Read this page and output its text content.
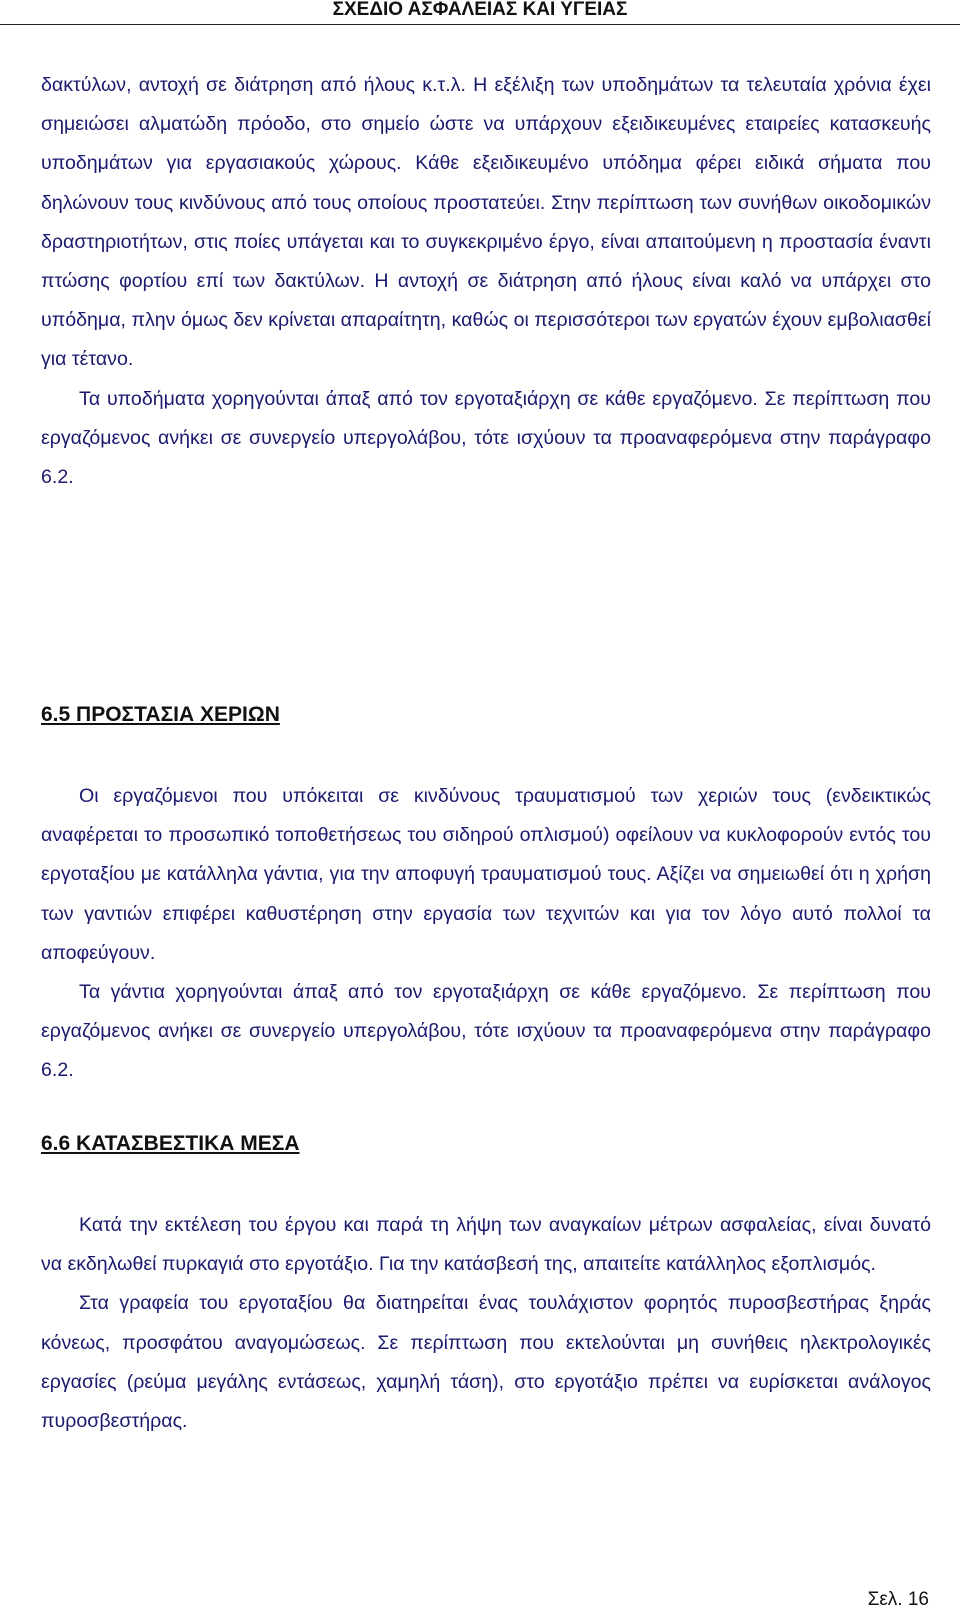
ΣΧΕΔΙΟ ΑΣΦΑΛΕΙΑΣ ΚΑΙ ΥΓΕΙΑΣ

δακτύλων, αντοχή σε διάτρηση από ήλους κ.τ.λ. Η εξέλιξη των υποδημάτων τα τελευταία χρόνια έχει σημειώσει αλματώδη πρόοδο, στο σημείο ώστε να υπάρχουν εξειδικευμένες εταιρείες κατασκευής υποδημάτων για εργασιακούς χώρους. Κάθε εξειδικευμένο υπόδημα φέρει ειδικά σήματα που δηλώνουν τους κινδύνους από τους οποίους προστατεύει. Στην περίπτωση των συνήθων οικοδομικών δραστηριοτήτων, στις ποίες υπάγεται και το συγκεκριμένο έργο, είναι απαιτούμενη η προστασία έναντι πτώσης φορτίου επί των δακτύλων. Η αντοχή σε διάτρηση από ήλους είναι καλό να υπάρχει στο υπόδημα, πλην όμως δεν κρίνεται απαραίτητη, καθώς οι περισσότεροι των εργατών έχουν εμβολιασθεί για τέτανο.

Τα υποδήματα χορηγούνται άπαξ από τον εργοταξιάρχη σε κάθε εργαζόμενο. Σε περίπτωση που εργαζόμενος ανήκει σε συνεργείο υπεργολάβου, τότε ισχύουν τα προαναφερόμενα στην παράγραφο 6.2.

6.5 ΠΡΟΣΤΑΣΙΑ ΧΕΡΙΩΝ

Οι εργαζόμενοι που υπόκειται σε κινδύνους τραυματισμού των χεριών τους (ενδεικτικώς αναφέρεται το προσωπικό τοποθετήσεως του σιδηρού οπλισμού) οφείλουν να κυκλοφορούν εντός του εργοταξίου με κατάλληλα γάντια, για την αποφυγή τραυματισμού τους. Αξίζει να σημειωθεί ότι η χρήση των γαντιών επιφέρει καθυστέρηση στην εργασία των τεχνιτών και για τον λόγο αυτό πολλοί τα αποφεύγουν.

Τα γάντια χορηγούνται άπαξ από τον εργοταξιάρχη σε κάθε εργαζόμενο. Σε περίπτωση που εργαζόμενος ανήκει σε συνεργείο υπεργολάβου, τότε ισχύουν τα προαναφερόμενα στην παράγραφο 6.2.

6.6 ΚΑΤΑΣΒΕΣΤΙΚΑ ΜΕΣΑ

Κατά την εκτέλεση του έργου και παρά τη λήψη των αναγκαίων μέτρων ασφαλείας, είναι δυνατό να εκδηλωθεί πυρκαγιά στο εργοτάξιο. Για την κατάσβεσή της, απαιτείτε κατάλληλος εξοπλισμός.

Στα γραφεία του εργοταξίου θα διατηρείται ένας τουλάχιστον φορητός πυροσβεστήρας ξηράς κόνεως, προσφάτου αναγομώσεως. Σε περίπτωση που εκτελούνται μη συνήθεις ηλεκτρολογικές εργασίες (ρεύμα μεγάλης εντάσεως, χαμηλή τάση), στο εργοτάξιο πρέπει να ευρίσκεται ανάλογος πυροσβεστήρας.

Σελ. 16
